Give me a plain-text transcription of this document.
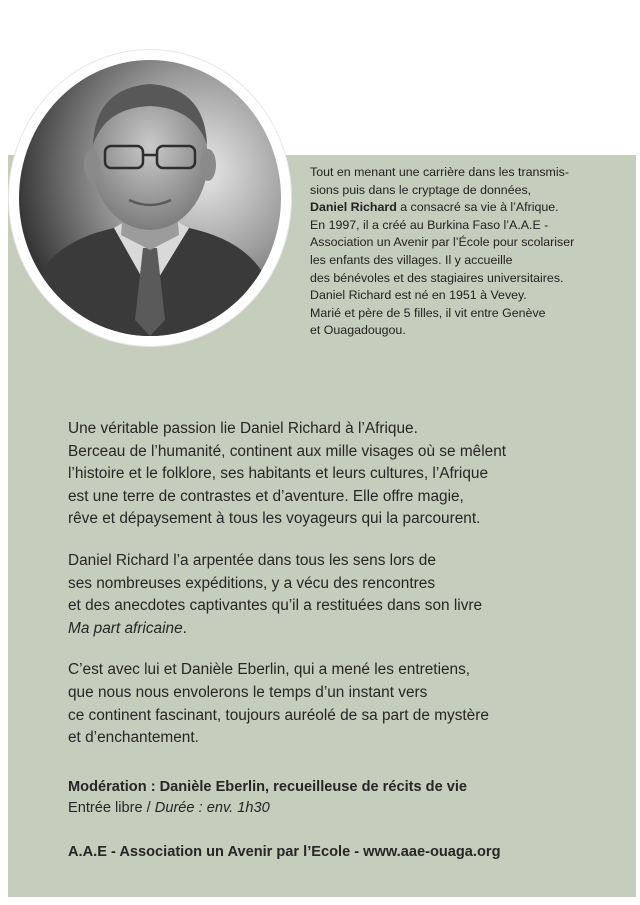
Tout en menant une carrière dans les transmis-
sions puis dans le cryptage de données,
Daniel Richard a consacré sa vie à l’Afrique.
En 1997, il a créé au Burkina Faso l’A.A.E -
Association un Avenir par l’École pour scolariser
les enfants des villages. Il y accueille
des bénévoles et des stagiaires universitaires.
Daniel Richard est né en 1951 à Vevey.
Marié et père de 5 filles, il vit entre Genève
et Ouagadougou.

Une véritable passion lie Daniel Richard à l’Afrique.
Berceau de l’humanité, continent aux mille visages où se mêlent
l’histoire et le folklore, ses habitants et leurs cultures, l’Afrique
est une terre de contrastes et d’aventure. Elle offre magie,
rêve et dépaysement à tous les voyageurs qui la parcourent.

Daniel Richard l’a arpentée dans tous les sens lors de
ses nombreuses expéditions, y a vécu des rencontres
et des anecdotes captivantes qu’il a restituées dans son livre
Ma part africaine.

C’est avec lui et Danièle Eberlin, qui a mené les entretiens,
que nous nous envolerons le temps d’un instant vers
ce continent fascinant, toujours auréolé de sa part de mystère
et d’enchantement.

Modération : Danièle Eberlin, recueilleuse de récits de vie
Entrée libre / Durée : env. 1h30
A.A.E - Association un Avenir par l’Ecole - www.aae-ouaga.org
